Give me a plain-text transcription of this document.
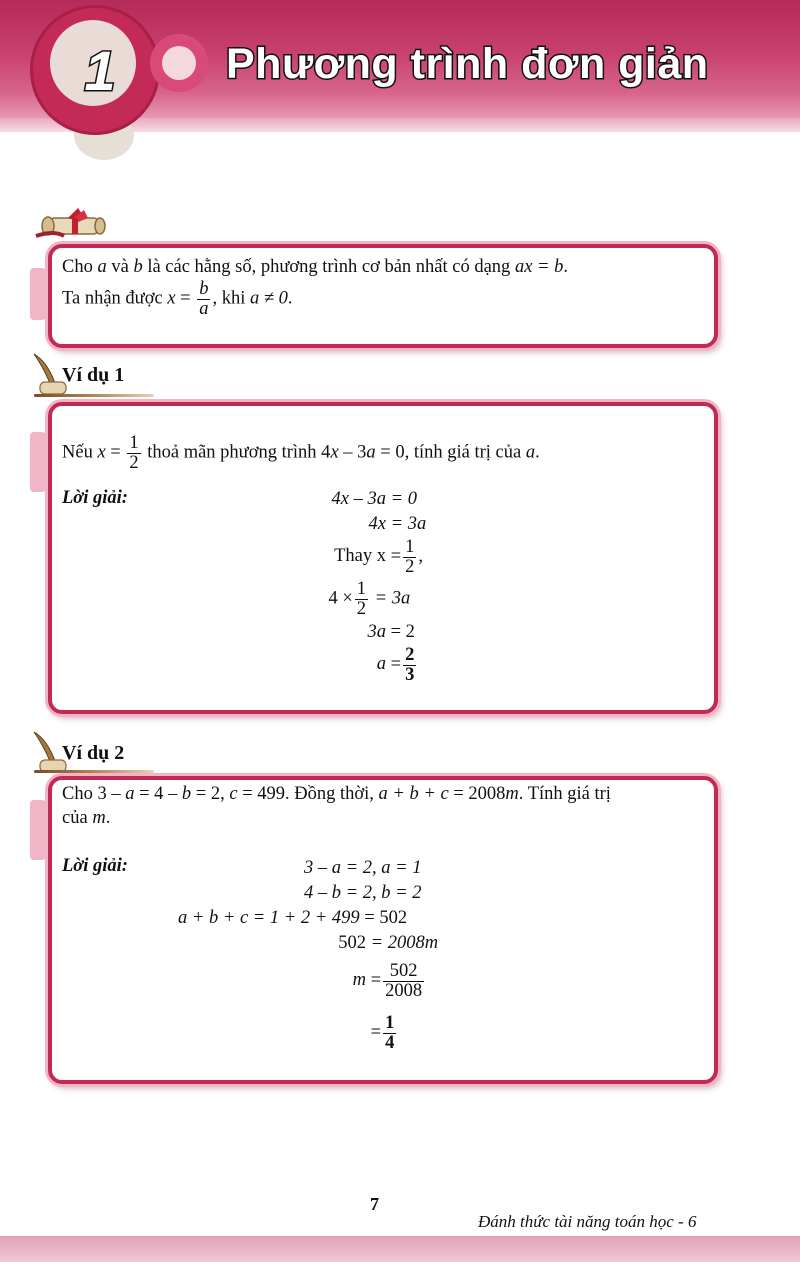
1	Phương trình đơn giản
Cho a và b là các hằng số, phương trình cơ bản nhất có dạng ax = b.
Ta nhận được $x = \frac{b}{a}$ , khi a ≠ 0.
Ví dụ 1
Nếu $x = \frac{1}{2}$ thoả mãn phương trình 4x – 3a = 0, tính giá trị của a.
Lời giải:	4x – 3a = 0
4x = 3a
Thay $x = \frac{1}{2}$ ,
$4 \times \frac{1}{2} = 3a$
3a = 2
$a = \frac{2}{3}$
Ví dụ 2
Cho 3 – a = 4 – b = 2, c = 499. Đồng thời, a + b + c = 2008m. Tính giá trị
của m.
Lời giải:	3 – a = 2, a = 1
4 – b = 2, b = 2
a + b + c = 1 + 2 + 499 = 502
502 = 2008m
$m = \frac{502}{2008}$
= $\frac{1}{4}$
7
Đánh thức tài năng toán học - 6
